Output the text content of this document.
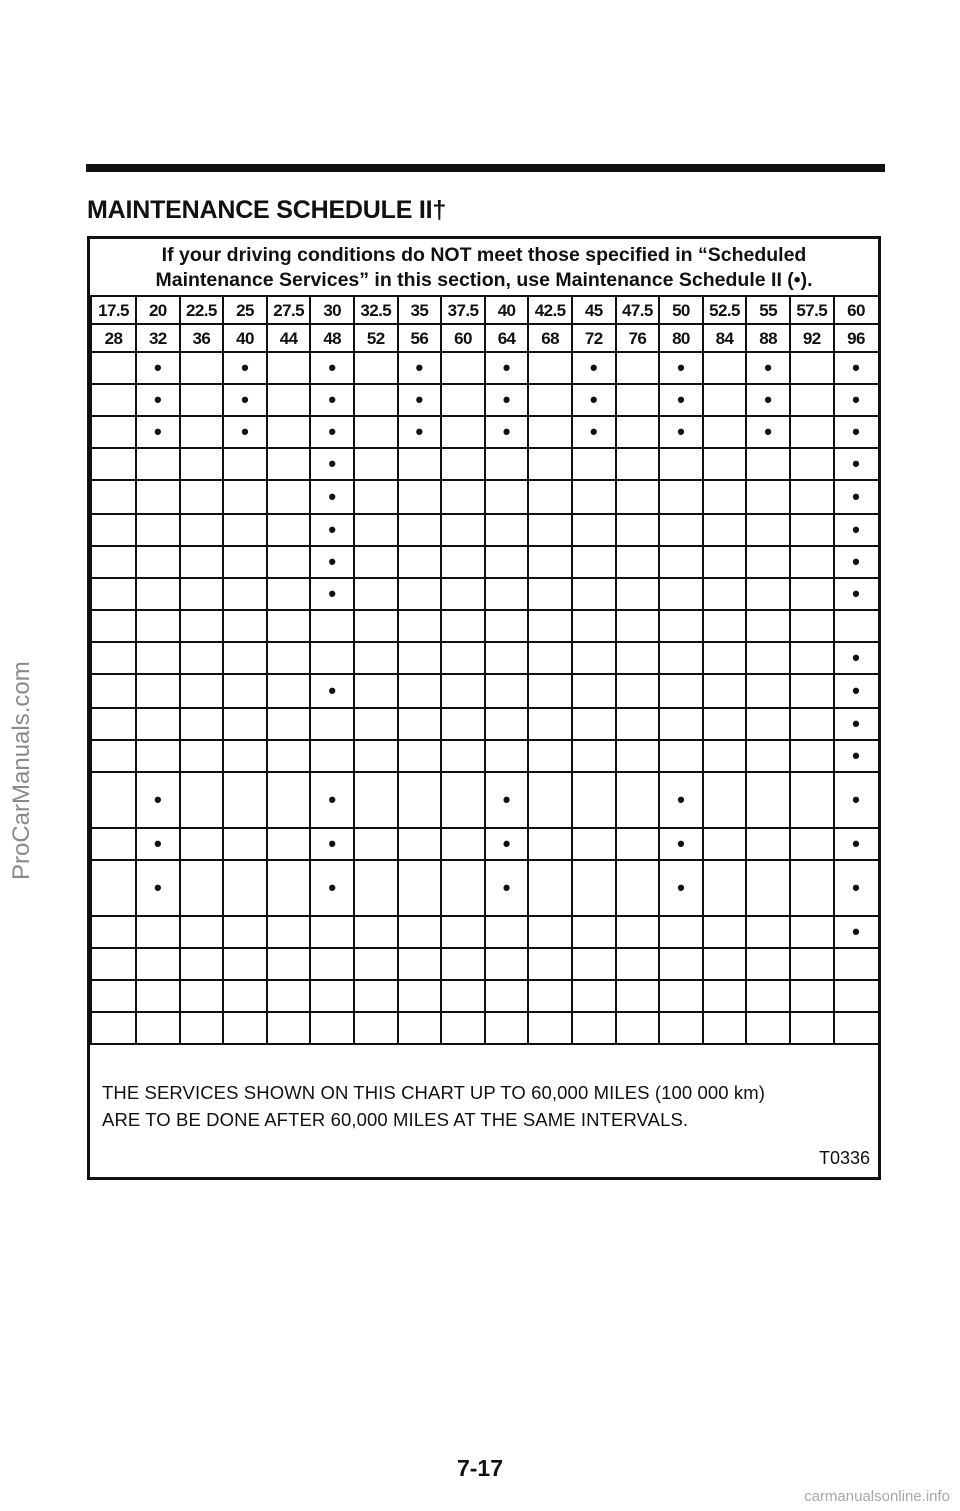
MAINTENANCE SCHEDULE II†
If your driving conditions do NOT meet those specified in “Scheduled
Maintenance Services” in this section, use Maintenance Schedule II (•).
17.5	20	22.5	25	27.5	30	32.5	35	37.5	40	42.5	45	47.5	50	52.5	55	57.5	60
28	32	36	40	44	48	52	56	60	64	68	72	76	80	84	88	92	96
	•		•		•		•		•		•		•		•		•
	•		•		•		•		•		•		•		•		•
	•		•		•		•		•		•		•		•		•
					•												•
					•												•
					•												•
					•												•
					•												•

																	•
					•												•
																	•
																	•
	•				•				•				•				•
	•				•				•				•				•
	•				•				•				•				•
																	•

THE SERVICES SHOWN ON THIS CHART UP TO 60,000 MILES (100 000 km)
ARE TO BE DONE AFTER 60,000 MILES AT THE SAME INTERVALS.
T0336
7-17
ProCarManuals.com
carmanualsonline.info
